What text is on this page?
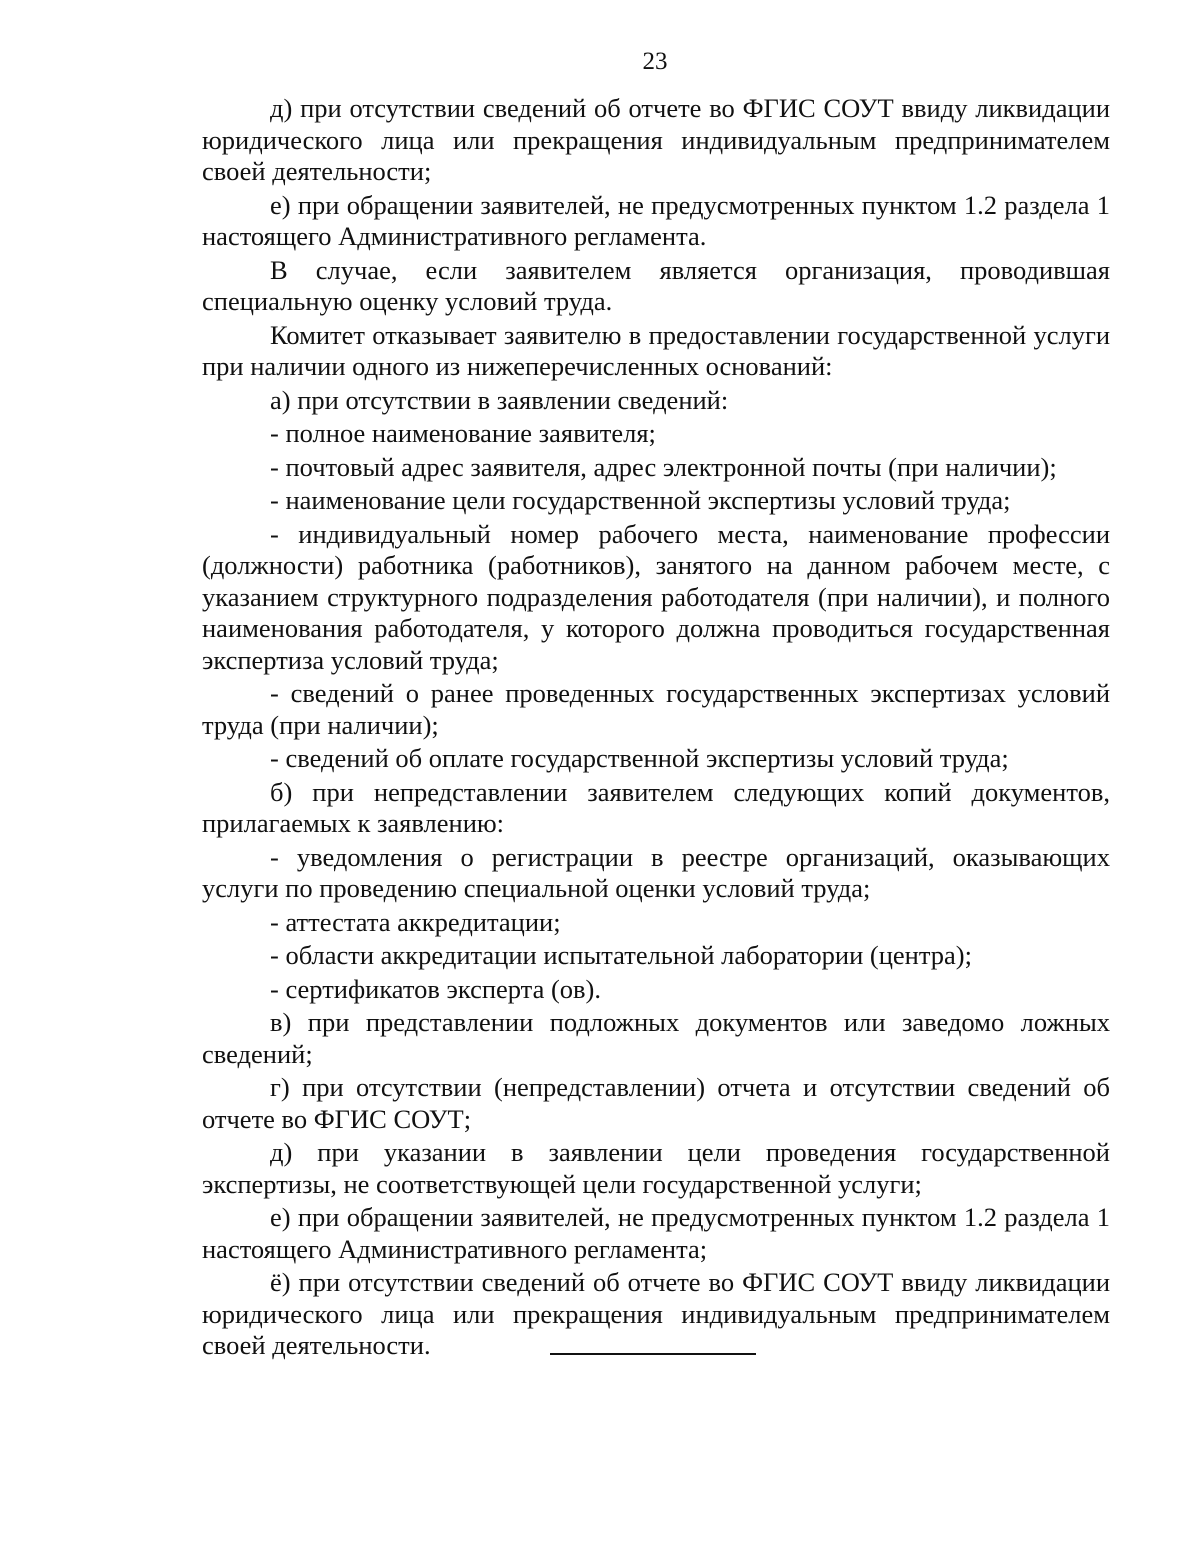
23

д) при отсутствии сведений об отчете во ФГИС СОУТ ввиду ликвидации юридического лица или прекращения индивидуальным предпринимателем своей деятельности;

е) при обращении заявителей, не предусмотренных пунктом 1.2 раздела 1 настоящего Административного регламента.

В случае, если заявителем является организация, проводившая специальную оценку условий труда.

Комитет отказывает заявителю в предоставлении государственной услуги при наличии одного из нижеперечисленных оснований:

а) при отсутствии в заявлении сведений:

- полное наименование заявителя;

- почтовый адрес заявителя, адрес электронной почты (при наличии);

- наименование цели государственной экспертизы условий труда;

- индивидуальный номер рабочего места, наименование профессии (должности) работника (работников), занятого на данном рабочем месте, с указанием структурного подразделения работодателя (при наличии), и полного наименования работодателя, у которого должна проводиться государственная экспертиза условий труда;

- сведений о ранее проведенных государственных экспертизах условий труда (при наличии);

- сведений об оплате государственной экспертизы условий труда;

б) при непредставлении заявителем следующих копий документов, прилагаемых к заявлению:

- уведомления о регистрации в реестре организаций, оказывающих услуги по проведению специальной оценки условий труда;

- аттестата аккредитации;

- области аккредитации испытательной лаборатории (центра);

- сертификатов эксперта (ов).

в) при представлении подложных документов или заведомо ложных сведений;

г) при отсутствии (непредставлении) отчета и отсутствии сведений об отчете во ФГИС СОУТ;

д) при указании в заявлении цели проведения государственной экспертизы, не соответствующей цели государственной услуги;

е) при обращении заявителей, не предусмотренных пунктом 1.2 раздела 1 настоящего Административного регламента;

ё) при отсутствии сведений об отчете во ФГИС СОУТ ввиду ликвидации юридического лица или прекращения индивидуальным предпринимателем своей деятельности.
